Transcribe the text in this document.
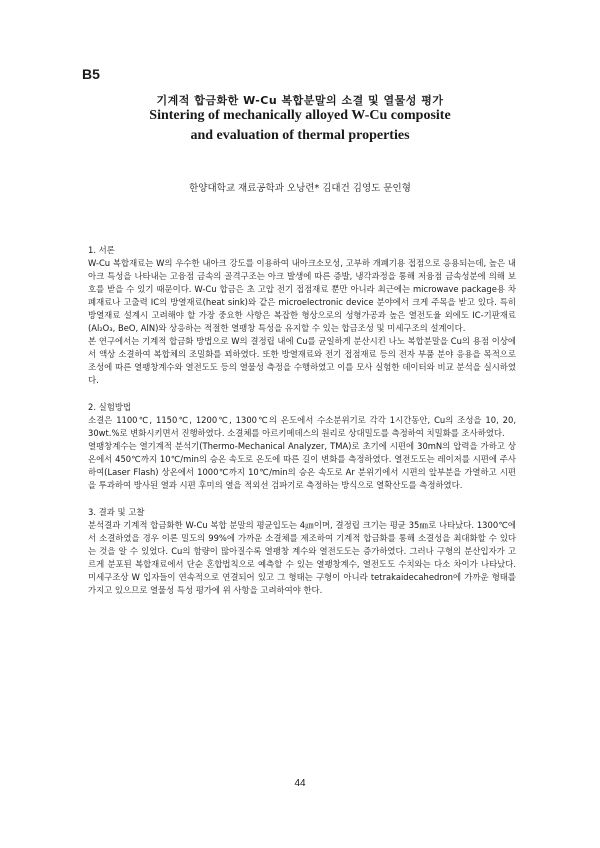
B5
기계적 합금화한 W-Cu 복합분말의 소결 및 열물성 평가
Sintering of mechanically alloyed W-Cu composite
and evaluation of thermal properties
한양대학교 재료공학과 오낭련* 김대건 김영도 문인형
1. 서론

W-Cu 복합재료는 W의 우수한 내아크 강도를 이용하여 내아크소모성, 고부하 개폐기용 접점으로 응용되는데, 높은 내아크 특성을 나타내는 고융점 금속의 골격구조는 아크 발생에 따른 증발, 냉각과정을 통해 저융점 금속성분에 의해 보호를 받을 수 있기 때문이다. W-Cu 합금은 초 고압 전기 접점재료 뿐만 아니라 최근에는 microwave package용 차폐재료나 고출력 IC의 방열재료(heat sink)와 같은 microelectronic device 분야에서 크게 주목을 받고 있다. 특히 방열재료 설계시 고려해야 할 가장 중요한 사항은 복잡한 형상으로의 성형가공과 높은 열전도율 외에도 IC-기판재료(Al₂O₃, BeO, AlN)와 상응하는 적절한 열팽창 특성을 유지할 수 있는 합금조성 및 미세구조의 설계이다.

본 연구에서는 기계적 합금화 방법으로 W의 결정립 내에 Cu를 균일하게 분산시킨 나노 복합분말을 Cu의 용점 이상에서 액상 소결하여 복합체의 조밀화를 꾀하였다. 또한 방열재료와 전기 접점재료 등의 전자 부품 분야 응용을 목적으로 조성에 따른 열팽창계수와 열전도도 등의 열물성 측정을 수행하였고 이를 모사 실험한 데이터와 비교 분석을 실시하였다.

2. 실험방법

소결은 1100℃, 1150℃, 1200℃, 1300℃의 온도에서 수소분위기로 각각 1시간동안, Cu의 조성을 10, 20, 30wt.%로 변화시키면서 진행하였다. 소결체를 아르키메데스의 원리로 상대밀도를 측정하여 치밀화를 조사하였다.

열팽창계수는 열기계적 분석기(Thermo-Mechanical Analyzer, TMA)로 초기에 시편에 30mN의 압력을 가하고 상온에서 450℃까지 10℃/min의 승온 속도로 온도에 따른 길이 변화를 측정하였다. 열전도도는 레이저를 시편에 주사하여(Laser Flash) 상온에서 1000℃까지 10℃/min의 승온 속도로 Ar 분위기에서 시편의 앞부분을 가열하고 시편을 투과하여 방사된 열과 시편 후미의 열을 적외선 검파기로 측정하는 방식으로 열확산도를 측정하였다.

3. 결과 및 고찰

분석결과 기계적 합금화한 W-Cu 복합 분말의 평균입도는 4㎛이며, 결정립 크기는 평균 35㎚로 나타났다. 1300℃에서 소결하였을 경우 이론 밀도의 99%에 가까운 소결체를 제조하여 기계적 합금화를 통해 소결성을 최대화할 수 있다는 것을 알 수 있었다. Cu의 함량이 많아질수록 열팽창 계수와 열전도도는 증가하였다. 그러나 구형의 분산입자가 고르게 분포된 복합재료에서 단순 혼합법칙으로 예측할 수 있는 열팽창계수, 열전도도 수치와는 다소 차이가 나타났다. 미세구조상 W 입자들이 연속적으로 연결되어 있고 그 형태는 구형이 아니라 tetrakaidecahedron에 가까운 형태를 가지고 있으므로 열물성 특성 평가에 위 사항을 고려하여야 한다.

44
